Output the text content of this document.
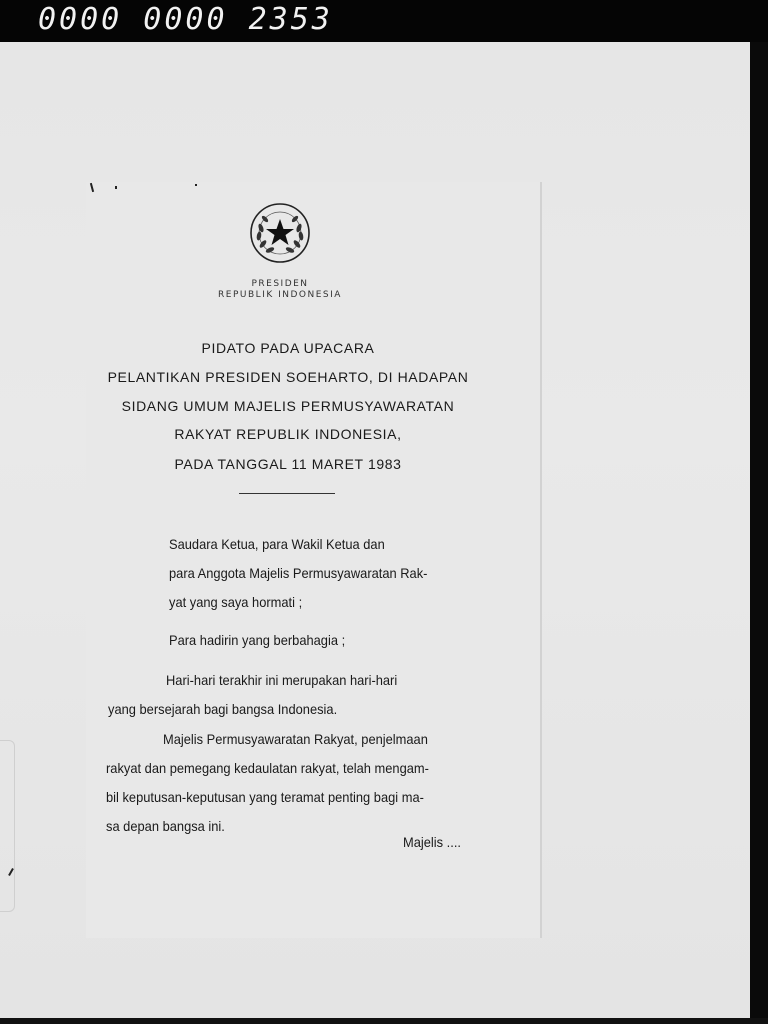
0000 0000 2353
PRESIDEN
REPUBLIK INDONESIA
PIDATO PADA UPACARA
PELANTIKAN PRESIDEN SOEHARTO, DI HADAPAN
SIDANG UMUM MAJELIS PERMUSYAWARATAN
RAKYAT REPUBLIK INDONESIA,
PADA TANGGAL 11 MARET 1983
Saudara Ketua, para Wakil Ketua dan
para Anggota Majelis Permusyawaratan Rak-
yat yang saya hormati ;
Para hadirin yang berbahagia ;
Hari-hari terakhir ini merupakan hari-hari
yang bersejarah bagi bangsa Indonesia.
Majelis Permusyawaratan Rakyat, penjelmaan
rakyat dan pemegang kedaulatan rakyat, telah mengam-
bil keputusan-keputusan yang teramat penting bagi ma-
sa depan bangsa ini.
Majelis ....
